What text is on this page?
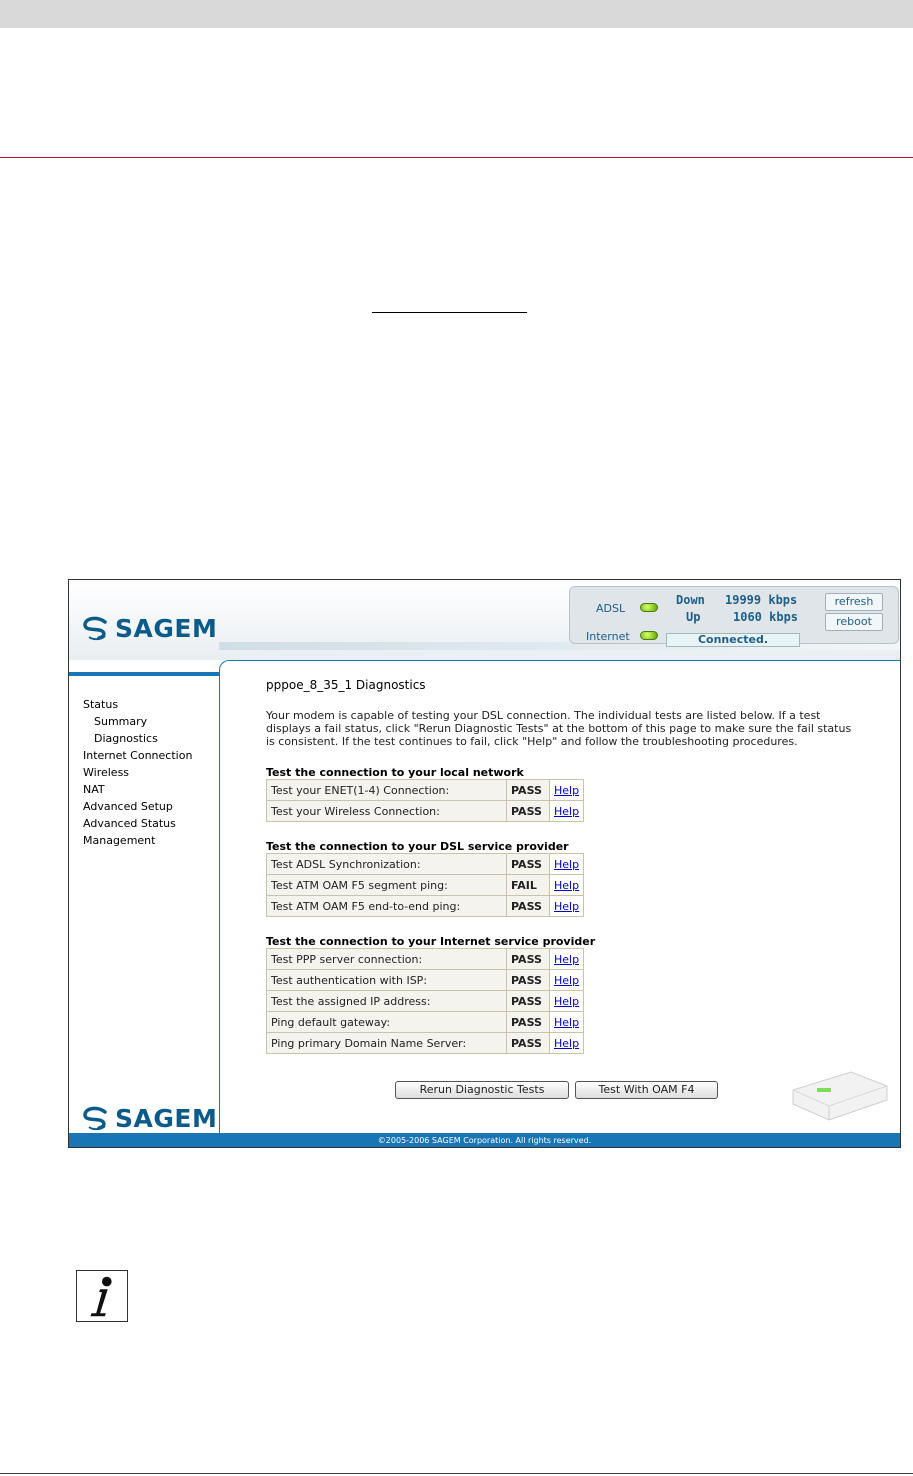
SAGEM
ADSL
Internet
Down 19999 kbps
Up	1060 kbps
Connected.
refresh
reboot
Status
Summary
Diagnostics
Internet Connection
Wireless
NAT
Advanced Setup
Advanced Status
Management
pppoe_8_35_1 Diagnostics
Your modem is capable of testing your DSL connection. The individual tests are listed below. If a test displays a fail status, click "Rerun Diagnostic Tests" at the bottom of this page to make sure the fail status is consistent. If the test continues to fail, click "Help" and follow the troubleshooting procedures.
Test the connection to your local network
Test your ENET(1-4) Connection:	PASS	Help
Test your Wireless Connection:	PASS	Help
Test the connection to your DSL service provider
Test ADSL Synchronization:	PASS	Help
Test ATM OAM F5 segment ping:	FAIL	Help
Test ATM OAM F5 end-to-end ping:	PASS	Help
Test the connection to your Internet service provider
Test PPP server connection:	PASS	Help
Test authentication with ISP:	PASS	Help
Test the assigned IP address:	PASS	Help
Ping default gateway:	PASS	Help
Ping primary Domain Name Server:	PASS	Help
Rerun Diagnostic Tests	Test With OAM F4
SAGEM
©2005-2006 SAGEM Corporation. All rights reserved.
